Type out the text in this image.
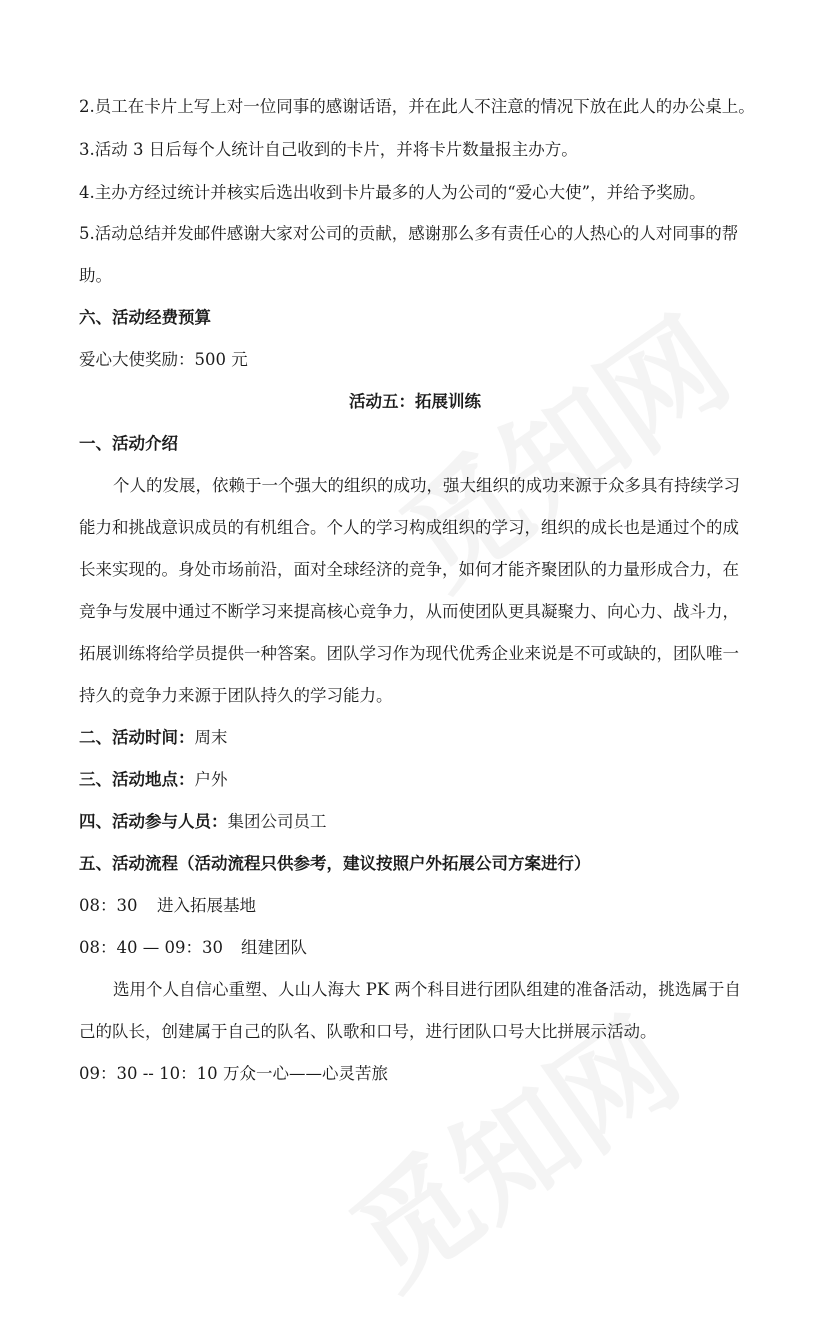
2.员工在卡片上写上对一位同事的感谢话语，并在此人不注意的情况下放在此人的办公桌上。
3.活动 3 日后每个人统计自己收到的卡片，并将卡片数量报主办方。
4.主办方经过统计并核实后选出收到卡片最多的人为公司的“爱心大使”，并给予奖励。
5.活动总结并发邮件感谢大家对公司的贡献，感谢那么多有责任心的人热心的人对同事的帮
助。
六、活动经费预算
爱心大使奖励：500 元
活动五：拓展训练
一、活动介绍
个人的发展，依赖于一个强大的组织的成功，强大组织的成功来源于众多具有持续学习
能力和挑战意识成员的有机组合。个人的学习构成组织的学习，组织的成长也是通过个的成
长来实现的。身处市场前沿，面对全球经济的竞争，如何才能齐聚团队的力量形成合力，在
竞争与发展中通过不断学习来提高核心竞争力，从而使团队更具凝聚力、向心力、战斗力，
拓展训练将给学员提供一种答案。团队学习作为现代优秀企业来说是不可或缺的，团队唯一
持久的竞争力来源于团队持久的学习能力。
二、活动时间：周末
三、活动地点：户外
四、活动参与人员：集团公司员工
五、活动流程（活动流程只供参考，建议按照户外拓展公司方案进行）
08：30 进入拓展基地
08：40 — 09：30 组建团队
选用个人自信心重塑、人山人海大 PK 两个科目进行团队组建的准备活动，挑选属于自
己的队长，创建属于自己的队名、队歌和口号，进行团队口号大比拼展示活动。
09：30 -- 10：10 万众一心——心灵苦旅
